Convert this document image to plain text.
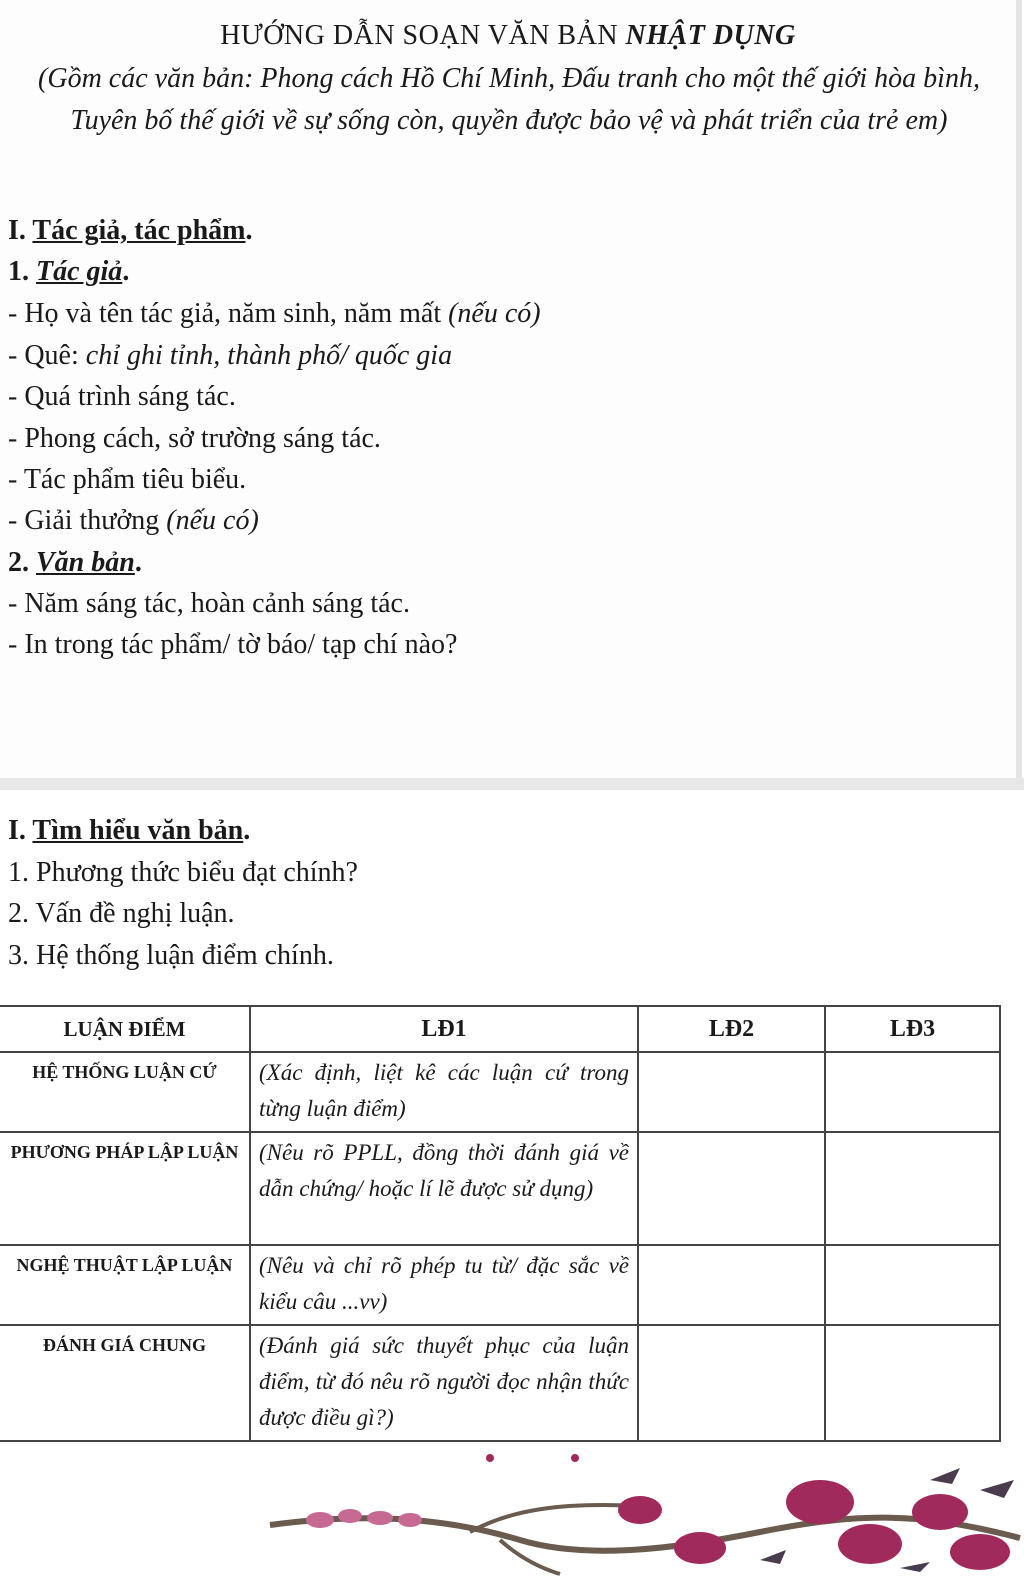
HƯỚNG DẪN SOẠN VĂN BẢN NHẬT DỤNG
(Gồm các văn bản: Phong cách Hồ Chí Minh, Đấu tranh cho một thế giới hòa bình, Tuyên bố thế giới về sự sống còn, quyền được bảo vệ và phát triển của trẻ em)
I. Tác giả, tác phẩm.
1. Tác giả.
- Họ và tên tác giả, năm sinh, năm mất (nếu có)
- Quê: chỉ ghi tỉnh, thành phố/ quốc gia
- Quá trình sáng tác.
- Phong cách, sở trường sáng tác.
- Tác phẩm tiêu biểu.
- Giải thưởng (nếu có)
2. Văn bản.
- Năm sáng tác, hoàn cảnh sáng tác.
- In trong tác phẩm/ tờ báo/ tạp chí nào?
I. Tìm hiểu văn bản.
1. Phương thức biểu đạt chính?
2. Vấn đề nghị luận.
3. Hệ thống luận điểm chính.
LUẬN ĐIỂM	LĐ1	LĐ2	LĐ3
HỆ THỐNG LUẬN CỨ	(Xác định, liệt kê các luận cứ trong từng luận điểm)		
PHƯƠNG PHÁP LẬP LUẬN	(Nêu rõ PPLL, đồng thời đánh giá về dẫn chứng/ hoặc lí lẽ được sử dụng)		
NGHỆ THUẬT LẬP LUẬN	(Nêu và chỉ rõ phép tu từ/ đặc sắc về kiểu câu ...vv)		
ĐÁNH GIÁ CHUNG	(Đánh giá sức thuyết phục của luận điểm, từ đó nêu rõ người đọc nhận thức được điều gì?)		
